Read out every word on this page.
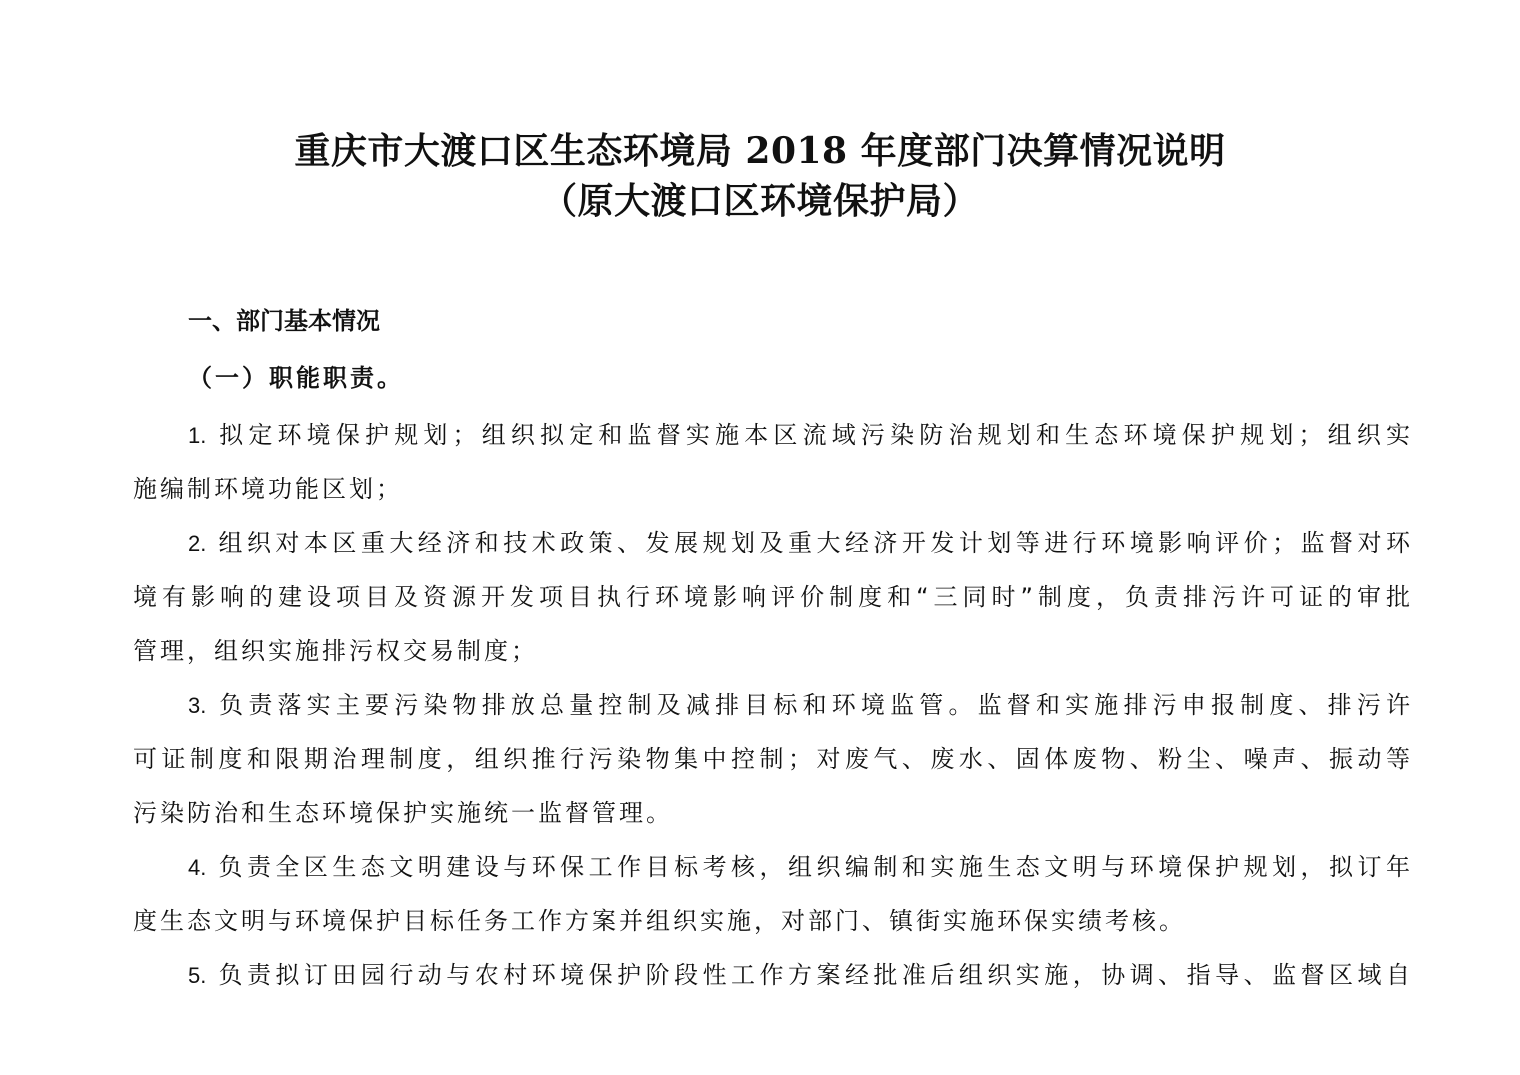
重庆市大渡口区生态环境局 2018 年度部门决算情况说明
（原大渡口区环境保护局）
一、部门基本情况
（一）职能职责。
1. 拟定环境保护规划；组织拟定和监督实施本区流域污染防治规划和生态环境保护规划；组织实
施编制环境功能区划；
2. 组织对本区重大经济和技术政策、发展规划及重大经济开发计划等进行环境影响评价；监督对环
境有影响的建设项目及资源开发项目执行环境影响评价制度和“三同时”制度，负责排污许可证的审批
管理，组织实施排污权交易制度；
3. 负责落实主要污染物排放总量控制及减排目标和环境监管。监督和实施排污申报制度、排污许
可证制度和限期治理制度，组织推行污染物集中控制；对废气、废水、固体废物、粉尘、噪声、振动等
污染防治和生态环境保护实施统一监督管理。
4. 负责全区生态文明建设与环保工作目标考核，组织编制和实施生态文明与环境保护规划，拟订年
度生态文明与环境保护目标任务工作方案并组织实施，对部门、镇街实施环保实绩考核。
5. 负责拟订田园行动与农村环境保护阶段性工作方案经批准后组织实施，协调、指导、监督区域自
